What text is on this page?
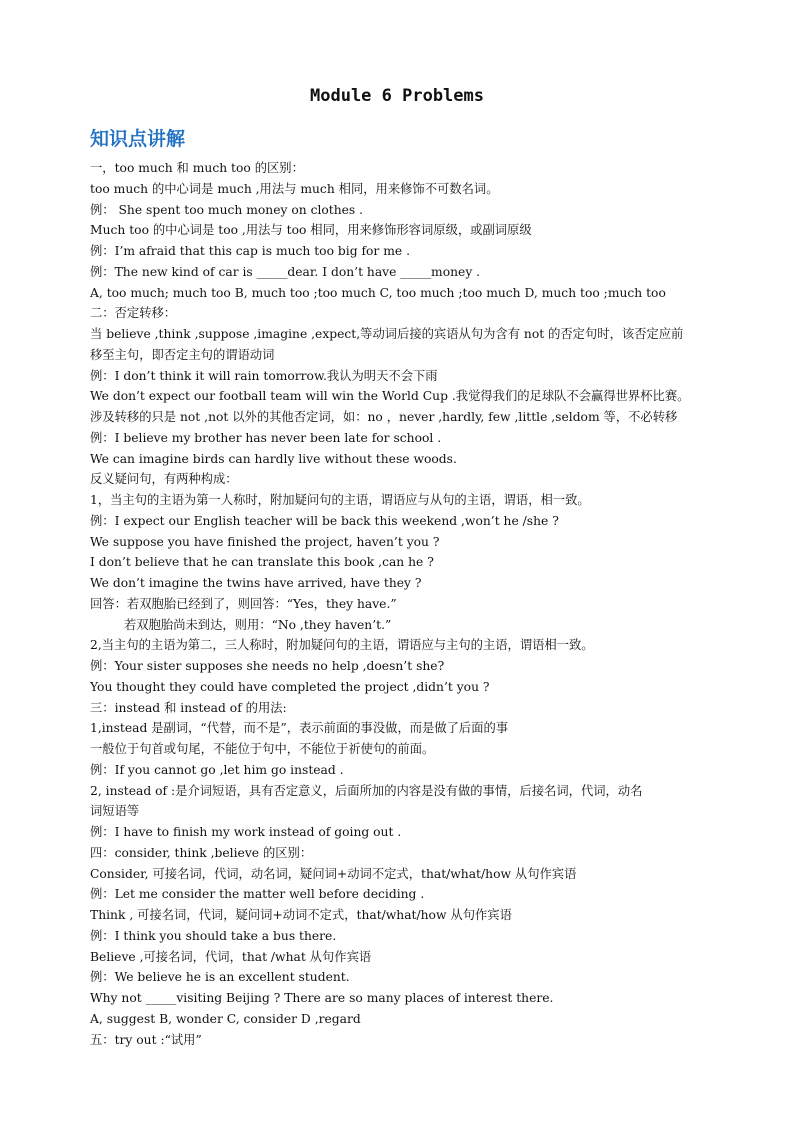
Module 6 Problems
知识点讲解
一，too much 和 much too 的区别：
too much 的中心词是 much ,用法与 much 相同，用来修饰不可数名词。
例： She spent too much money on clothes .
Much too 的中心词是 too ,用法与 too 相同，用来修饰形容词原级，或副词原级
例：I’m afraid that this cap is much too big for me .
例：The new kind of car is _____dear. I don’t have _____money .
A, too much; much too B, much too ;too much C, too much ;too much D, much too ;much too
二：否定转移：
当 believe ,think ,suppose ,imagine ,expect,等动词后接的宾语从句为含有 not 的否定句时，该否定应前
移至主句，即否定主句的谓语动词
例：I don’t think it will rain tomorrow.我认为明天不会下雨
We don’t expect our football team will win the World Cup .我觉得我们的足球队不会赢得世界杯比赛。
涉及转移的只是 not ,not 以外的其他否定词，如：no ，never ,hardly, few ,little ,seldom 等，不必转移
例：I believe my brother has never been late for school .
We can imagine birds can hardly live without these woods.
反义疑问句，有两种构成：
1，当主句的主语为第一人称时，附加疑问句的主语，谓语应与从句的主语，谓语，相一致。
例：I expect our English teacher will be back this weekend ,won’t he /she ?
We suppose you have finished the project, haven’t you ?
I don’t believe that he can translate this book ,can he ?
We don’t imagine the twins have arrived, have they ?
回答：若双胞胎已经到了，则回答：“Yes，they have.”
若双胞胎尚未到达，则用：“No ,they haven’t.”
2,当主句的主语为第二，三人称时，附加疑问句的主语，谓语应与主句的主语，谓语相一致。
例：Your sister supposes she needs no help ,doesn’t she?
You thought they could have completed the project ,didn’t you ?
三：instead 和 instead of 的用法:
1,instead 是副词，“代替，而不是”，表示前面的事没做，而是做了后面的事
一般位于句首或句尾，不能位于句中，不能位于祈使句的前面。
例：If you cannot go ,let him go instead .
2, instead of :是介词短语，具有否定意义，后面所加的内容是没有做的事情，后接名词，代词，动名
词短语等
例：I have to finish my work instead of going out .
四：consider, think ,believe 的区别：
Consider, 可接名词，代词，动名词，疑问词+动词不定式，that/what/how 从句作宾语
例：Let me consider the matter well before deciding .
Think , 可接名词，代词，疑问词+动词不定式，that/what/how 从句作宾语
例：I think you should take a bus there.
Believe ,可接名词，代词，that /what 从句作宾语
例：We believe he is an excellent student.
Why not _____visiting Beijing ? There are so many places of interest there.
A, suggest B, wonder C, consider D ,regard
五：try out :“试用”
